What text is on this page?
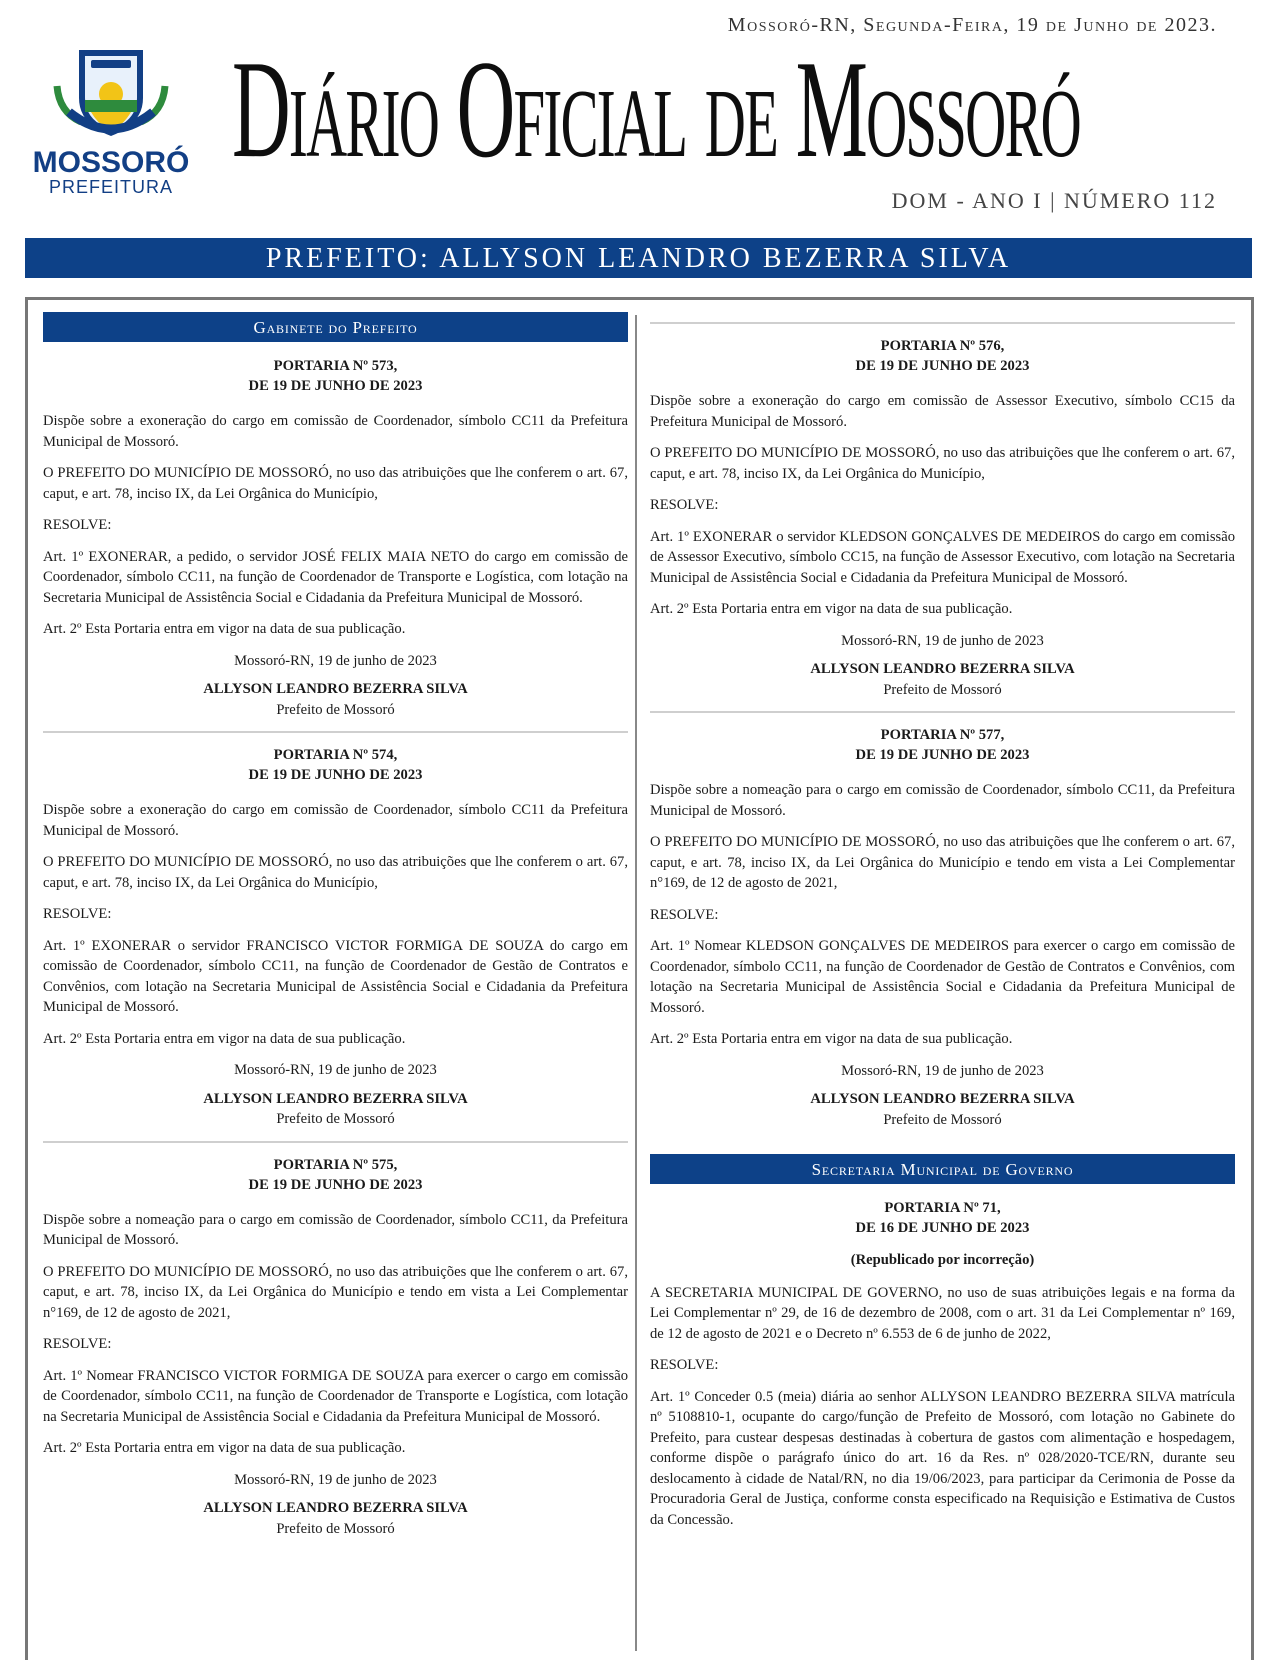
Mossoró-RN, Segunda-Feira, 19 de Junho de 2023.
MOSSORÓ
PREFEITURA Diário Oficial de Mossoró
DOM - ANO I | NÚMERO 112
PREFEITO: ALLYSON LEANDRO BEZERRA SILVA
Gabinete do Prefeito
PORTARIA Nº 573,
DE 19 DE JUNHO DE 2023

Dispõe sobre a exoneração do cargo em comissão de Coordenador, símbolo CC11 da Prefeitura Municipal de Mossoró.

O PREFEITO DO MUNICÍPIO DE MOSSORÓ, no uso das atribuições que lhe conferem o art. 67, caput, e art. 78, inciso IX, da Lei Orgânica do Município,

RESOLVE:

Art. 1º EXONERAR, a pedido, o servidor JOSÉ FELIX MAIA NETO do cargo em comissão de Coordenador, símbolo CC11, na função de Coordenador de Transporte e Logística, com lotação na Secretaria Municipal de Assistência Social e Cidadania da Prefeitura Municipal de Mossoró.

Art. 2º Esta Portaria entra em vigor na data de sua publicação.

Mossoró-RN, 19 de junho de 2023

ALLYSON LEANDRO BEZERRA SILVA

Prefeito de Mossoró

PORTARIA Nº 574,
DE 19 DE JUNHO DE 2023

Dispõe sobre a exoneração do cargo em comissão de Coordenador, símbolo CC11 da Prefeitura Municipal de Mossoró.

O PREFEITO DO MUNICÍPIO DE MOSSORÓ, no uso das atribuições que lhe conferem o art. 67, caput, e art. 78, inciso IX, da Lei Orgânica do Município,

RESOLVE:

Art. 1º EXONERAR o servidor FRANCISCO VICTOR FORMIGA DE SOUZA do cargo em comissão de Coordenador, símbolo CC11, na função de Coordenador de Gestão de Contratos e Convênios, com lotação na Secretaria Municipal de Assistência Social e Cidadania da Prefeitura Municipal de Mossoró.

Art. 2º Esta Portaria entra em vigor na data de sua publicação.

Mossoró-RN, 19 de junho de 2023

ALLYSON LEANDRO BEZERRA SILVA

Prefeito de Mossoró

PORTARIA Nº 575,
DE 19 DE JUNHO DE 2023

Dispõe sobre a nomeação para o cargo em comissão de Coordenador, símbolo CC11, da Prefeitura Municipal de Mossoró.

O PREFEITO DO MUNICÍPIO DE MOSSORÓ, no uso das atribuições que lhe conferem o art. 67, caput, e art. 78, inciso IX, da Lei Orgânica do Município e tendo em vista a Lei Complementar n°169, de 12 de agosto de 2021,

RESOLVE:

Art. 1º Nomear FRANCISCO VICTOR FORMIGA DE SOUZA para exercer o cargo em comissão de Coordenador, símbolo CC11, na função de Coordenador de Transporte e Logística, com lotação na Secretaria Municipal de Assistência Social e Cidadania da Prefeitura Municipal de Mossoró.

Art. 2º Esta Portaria entra em vigor na data de sua publicação.

Mossoró-RN, 19 de junho de 2023

ALLYSON LEANDRO BEZERRA SILVA

Prefeito de Mossoró

PORTARIA Nº 576,
DE 19 DE JUNHO DE 2023

Dispõe sobre a exoneração do cargo em comissão de Assessor Executivo, símbolo CC15 da Prefeitura Municipal de Mossoró.

O PREFEITO DO MUNICÍPIO DE MOSSORÓ, no uso das atribuições que lhe conferem o art. 67, caput, e art. 78, inciso IX, da Lei Orgânica do Município,

RESOLVE:

Art. 1º EXONERAR o servidor KLEDSON GONÇALVES DE MEDEIROS do cargo em comissão de Assessor Executivo, símbolo CC15, na função de Assessor Executivo, com lotação na Secretaria Municipal de Assistência Social e Cidadania da Prefeitura Municipal de Mossoró.

Art. 2º Esta Portaria entra em vigor na data de sua publicação.

Mossoró-RN, 19 de junho de 2023

ALLYSON LEANDRO BEZERRA SILVA

Prefeito de Mossoró

PORTARIA Nº 577,
DE 19 DE JUNHO DE 2023

Dispõe sobre a nomeação para o cargo em comissão de Coordenador, símbolo CC11, da Prefeitura Municipal de Mossoró.

O PREFEITO DO MUNICÍPIO DE MOSSORÓ, no uso das atribuições que lhe conferem o art. 67, caput, e art. 78, inciso IX, da Lei Orgânica do Município e tendo em vista a Lei Complementar n°169, de 12 de agosto de 2021,

RESOLVE:

Art. 1º Nomear KLEDSON GONÇALVES DE MEDEIROS para exercer o cargo em comissão de Coordenador, símbolo CC11, na função de Coordenador de Gestão de Contratos e Convênios, com lotação na Secretaria Municipal de Assistência Social e Cidadania da Prefeitura Municipal de Mossoró.

Art. 2º Esta Portaria entra em vigor na data de sua publicação.

Mossoró-RN, 19 de junho de 2023

ALLYSON LEANDRO BEZERRA SILVA

Prefeito de Mossoró

Secretaria Municipal de Governo
PORTARIA Nº 71,
DE 16 DE JUNHO DE 2023

(Republicado por incorreção)

A SECRETARIA MUNICIPAL DE GOVERNO, no uso de suas atribuições legais e na forma da Lei Complementar nº 29, de 16 de dezembro de 2008, com o art. 31 da Lei Complementar nº 169, de 12 de agosto de 2021 e o Decreto nº 6.553 de 6 de junho de 2022,

RESOLVE:

Art. 1º Conceder 0.5 (meia) diária ao senhor ALLYSON LEANDRO BEZERRA SILVA matrícula nº 5108810-1, ocupante do cargo/função de Prefeito de Mossoró, com lotação no Gabinete do Prefeito, para custear despesas destinadas à cobertura de gastos com alimentação e hospedagem, conforme dispõe o parágrafo único do art. 16 da Res. nº 028/2020-TCE/RN, durante seu deslocamento à cidade de Natal/RN, no dia 19/06/2023, para participar da Cerimonia de Posse da Procuradoria Geral de Justiça, conforme consta especificado na Requisição e Estimativa de Custos da Concessão.
